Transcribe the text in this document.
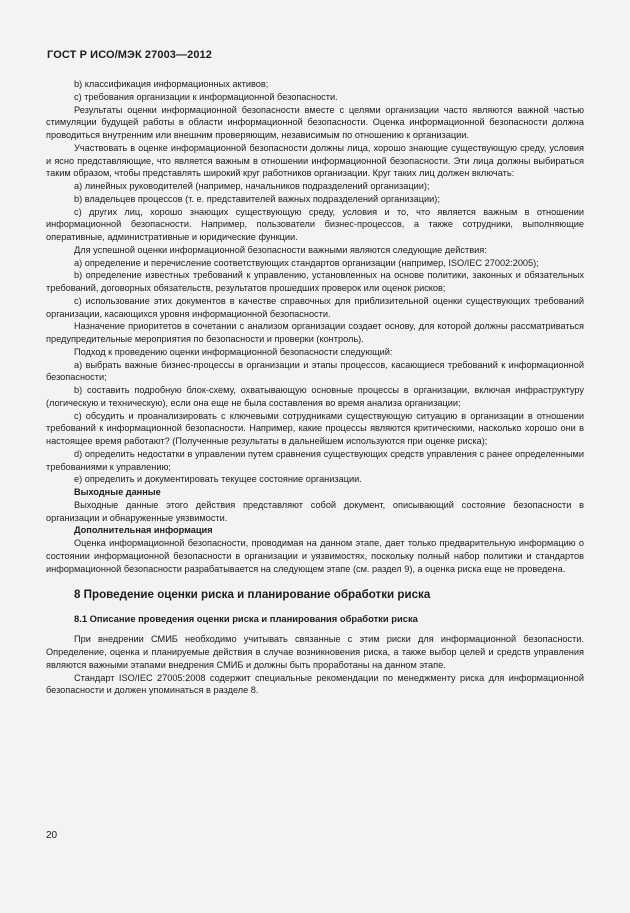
ГОСТ Р ИСО/МЭК 27003—2012

b) классификация информационных активов;

c) требования организации к информационной безопасности.

Результаты оценки информационной безопасности вместе с целями организации часто являются важной частью стимуляции будущей работы в области информационной безопасности. Оценка информационной безопасности должна проводиться внутренним или внешним проверяющим, независимым по отношению к организации.

Участвовать в оценке информационной безопасности должны лица, хорошо знающие существующую среду, условия и ясно представляющие, что является важным в отношении информационной безопасности. Эти лица должны выбираться таким образом, чтобы представлять широкий круг работников организации. Круг таких лиц должен включать:

a) линейных руководителей (например, начальников подразделений организации);

b) владельцев процессов (т. е. представителей важных подразделений организации);

c) других лиц, хорошо знающих существующую среду, условия и то, что является важным в отношении информационной безопасности. Например, пользователи бизнес-процессов, а также сотрудники, выполняющие оперативные, административные и юридические функции.

Для успешной оценки информационной безопасности важными являются следующие действия:

a) определение и перечисление соответствующих стандартов организации (например, ISO/IEC 27002:2005);

b) определение известных требований к управлению, установленных на основе политики, законных и обязательных требований, договорных обязательств, результатов прошедших проверок или оценок рисков;

c) использование этих документов в качестве справочных для приблизительной оценки существующих требований организации, касающихся уровня информационной безопасности.

Назначение приоритетов в сочетании с анализом организации создает основу, для которой должны рассматриваться предупредительные мероприятия по безопасности и проверки (контроль).

Подход к проведению оценки информационной безопасности следующий:

a) выбрать важные бизнес-процессы в организации и этапы процессов, касающиеся требований к информационной безопасности;

b) составить подробную блок-схему, охватывающую основные процессы в организации, включая инфраструктуру (логическую и техническую), если она еще не была составления во время анализа организации;

c) обсудить и проанализировать с ключевыми сотрудниками существующую ситуацию в организации в отношении требований к информационной безопасности. Например, какие процессы являются критическими, насколько хорошо они в настоящее время работают? (Полученные результаты в дальнейшем используются при оценке риска);

d) определить недостатки в управлении путем сравнения существующих средств управления с ранее определенными требованиями к управлению;

e) определить и документировать текущее состояние организации.

Выходные данные

Выходные данные этого действия представляют собой документ, описывающий состояние безопасности в организации и обнаруженные уязвимости.

Дополнительная информация

Оценка информационной безопасности, проводимая на данном этапе, дает только предварительную информацию о состоянии информационной безопасности в организации и уязвимостях, поскольку полный набор политики и стандартов информационной безопасности разрабатывается на следующем этапе (см. раздел 9), а оценка риска еще не проведена.

8 Проведение оценки риска и планирование обработки риска
8.1 Описание проведения оценки риска и планирования обработки риска

При внедрении СМИБ необходимо учитывать связанные с этим риски для информационной безопасности. Определение, оценка и планируемые действия в случае возникновения риска, а также выбор целей и средств управления являются важными этапами внедрения СМИБ и должны быть проработаны на данном этапе.

Стандарт ISO/IEC 27005:2008 содержит специальные рекомендации по менеджменту риска для информационной безопасности и должен упоминаться в разделе 8.

20
